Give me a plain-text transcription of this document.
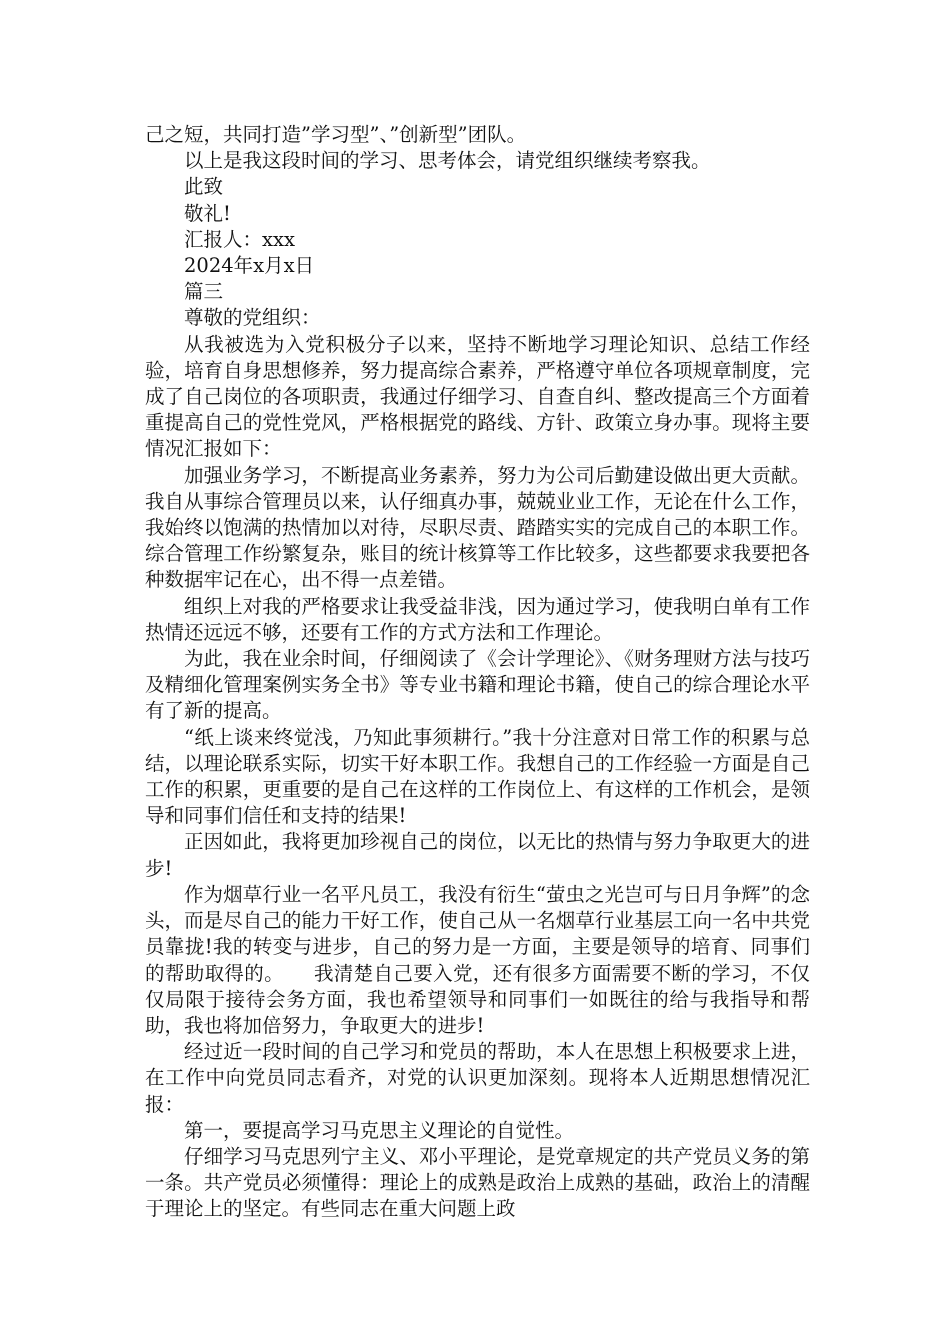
己之短，共同打造”学习型”、”创新型”团队。

以上是我这段时间的学习、思考体会，请党组织继续考察我。

此致

敬礼!

汇报人：xxx

2024年x月x日

篇三

尊敬的党组织：

从我被选为入党积极分子以来，坚持不断地学习理论知识、总结工作经验，培育自身思想修养，努力提高综合素养，严格遵守单位各项规章制度，完成了自己岗位的各项职责，我通过仔细学习、自查自纠、整改提高三个方面着重提高自己的党性党风，严格根据党的路线、方针、政策立身办事。现将主要情况汇报如下：

加强业务学习，不断提高业务素养，努力为公司后勤建设做出更大贡献。我自从事综合管理员以来，认仔细真办事，兢兢业业工作，无论在什么工作，我始终以饱满的热情加以对待，尽职尽责、踏踏实实的完成自己的本职工作。综合管理工作纷繁复杂，账目的统计核算等工作比较多，这些都要求我要把各种数据牢记在心，出不得一点差错。

组织上对我的严格要求让我受益非浅，因为通过学习，使我明白单有工作热情还远远不够，还要有工作的方式方法和工作理论。

为此，我在业余时间，仔细阅读了《会计学理论》、《财务理财方法与技巧及精细化管理案例实务全书》等专业书籍和理论书籍，使自己的综合理论水平有了新的提高。

“纸上谈来终觉浅，乃知此事须耕行。”我十分注意对日常工作的积累与总结，以理论联系实际，切实干好本职工作。我想自己的工作经验一方面是自己工作的积累，更重要的是自己在这样的工作岗位上、有这样的工作机会，是领导和同事们信任和支持的结果!

正因如此，我将更加珍视自己的岗位，以无比的热情与努力争取更大的进步!

作为烟草行业一名平凡员工，我没有衍生“萤虫之光岂可与日月争辉”的念头，而是尽自己的能力干好工作，使自己从一名烟草行业基层工向一名中共党员靠拢!我的转变与进步，自己的努力是一方面，主要是领导的培育、同事们的帮助取得的。　　我清楚自己要入党，还有很多方面需要不断的学习，不仅仅局限于接待会务方面，我也希望领导和同事们一如既往的给与我指导和帮助，我也将加倍努力，争取更大的进步!

经过近一段时间的自己学习和党员的帮助，本人在思想上积极要求上进，在工作中向党员同志看齐，对党的认识更加深刻。现将本人近期思想情况汇报：

第一，要提高学习马克思主义理论的自觉性。

仔细学习马克思列宁主义、邓小平理论，是党章规定的共产党员义务的第一条。共产党员必须懂得：理论上的成熟是政治上成熟的基础，政治上的清醒于理论上的坚定。有些同志在重大问题上政
